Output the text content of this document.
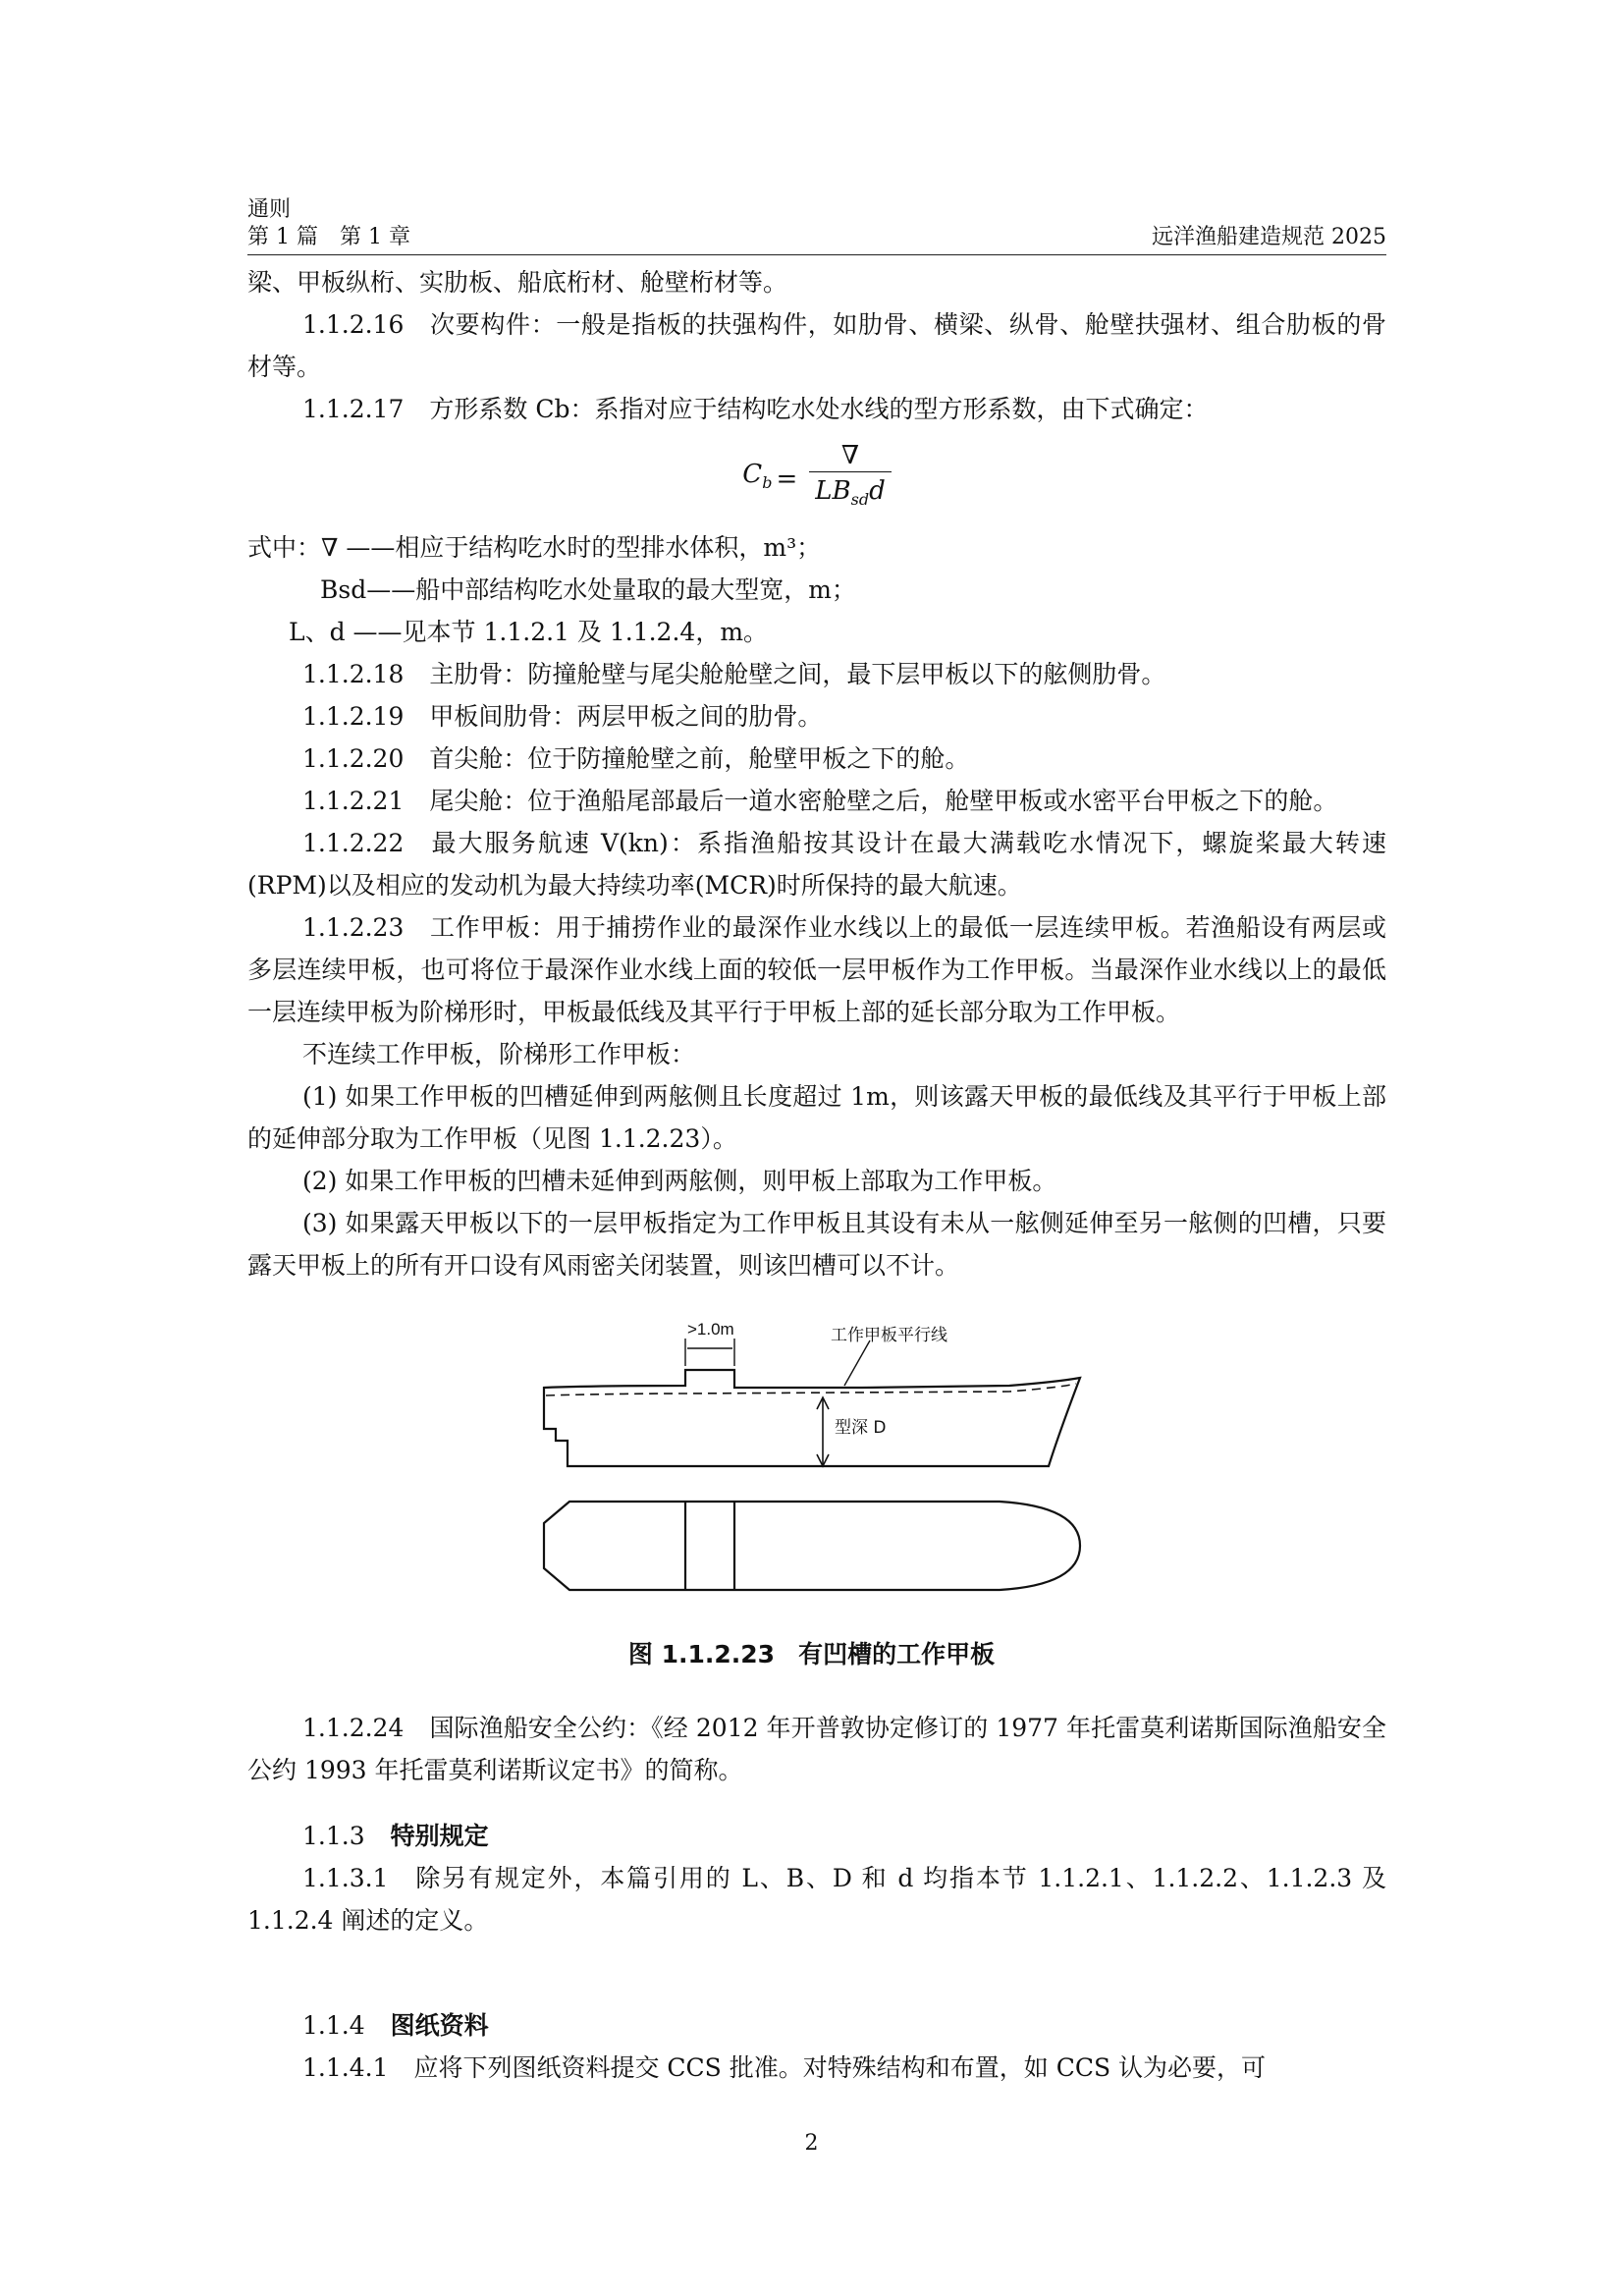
通则
第 1 篇　第 1 章	远洋渔船建造规范 2025

梁、甲板纵桁、实肋板、船底桁材、舱壁桁材等。

1.1.2.16 次要构件：一般是指板的扶强构件，如肋骨、横梁、纵骨、舱壁扶强材、组合肋板的骨材等。

1.1.2.17 方形系数 Cb：系指对应于结构吃水处水线的型方形系数，由下式确定：

$C_b = \frac{\nabla}{LB_{sd}d}$

式中：∇ ——相应于结构吃水时的型排水体积，m³；

Bsd——船中部结构吃水处量取的最大型宽，m；

L、d ——见本节 1.1.2.1 及 1.1.2.4，m。

1.1.2.18 主肋骨：防撞舱壁与尾尖舱舱壁之间，最下层甲板以下的舷侧肋骨。

1.1.2.19 甲板间肋骨：两层甲板之间的肋骨。

1.1.2.20 首尖舱：位于防撞舱壁之前，舱壁甲板之下的舱。

1.1.2.21 尾尖舱：位于渔船尾部最后一道水密舱壁之后，舱壁甲板或水密平台甲板之下的舱。

1.1.2.22 最大服务航速 V(kn)：系指渔船按其设计在最大满载吃水情况下，螺旋桨最大转速(RPM)以及相应的发动机为最大持续功率(MCR)时所保持的最大航速。

1.1.2.23 工作甲板：用于捕捞作业的最深作业水线以上的最低一层连续甲板。若渔船设有两层或多层连续甲板，也可将位于最深作业水线上面的较低一层甲板作为工作甲板。当最深作业水线以上的最低一层连续甲板为阶梯形时，甲板最低线及其平行于甲板上部的延长部分取为工作甲板。

不连续工作甲板，阶梯形工作甲板：

(1) 如果工作甲板的凹槽延伸到两舷侧且长度超过 1m，则该露天甲板的最低线及其平行于甲板上部的延伸部分取为工作甲板（见图 1.1.2.23）。

(2) 如果工作甲板的凹槽未延伸到两舷侧，则甲板上部取为工作甲板。

(3) 如果露天甲板以下的一层甲板指定为工作甲板且其设有未从一舷侧延伸至另一舷侧的凹槽，只要露天甲板上的所有开口设有风雨密关闭装置，则该凹槽可以不计。

>1.0m	工作甲板平行线
型深 D
图 1.1.2.23 有凹槽的工作甲板

1.1.2.24 国际渔船安全公约：《经 2012 年开普敦协定修订的 1977 年托雷莫利诺斯国际渔船安全公约 1993 年托雷莫利诺斯议定书》的简称。

1.1.3 特别规定

1.1.3.1 除另有规定外，本篇引用的 L、B、D 和 d 均指本节 1.1.2.1、1.1.2.2、1.1.2.3 及 1.1.2.4 阐述的定义。

1.1.4 图纸资料

1.1.4.1 应将下列图纸资料提交 CCS 批准。对特殊结构和布置，如 CCS 认为必要，可

2
